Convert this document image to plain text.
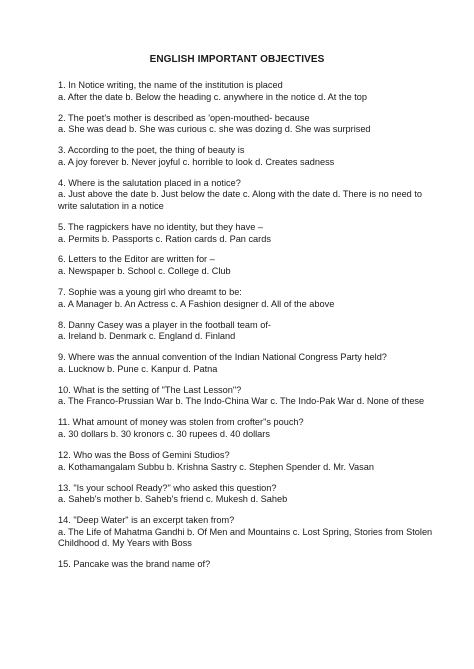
ENGLISH IMPORTANT OBJECTIVES
1. In Notice writing, the name of the institution is placed
a. After the date b. Below the heading c. anywhere in the notice d. At the top
2. The poet's mother is described as 'open-mouthed- because
a. She was dead b. She was curious c. she was dozing d. She was surprised
3. According to the poet, the thing of beauty is
a. A joy forever b. Never joyful c. horrible to look d. Creates sadness
4. Where is the salutation placed in a notice?
a. Just above the date b. Just below the date c. Along with the date d. There is no need to
write salutation in a notice
5. The ragpickers have no identity, but they have –
a. Permits b. Passports c. Ration cards d. Pan cards
6. Letters to the Editor are written for –
a. Newspaper b. School c. College d. Club
7. Sophie was a young girl who dreamt to be:
a. A Manager b. An Actress c. A Fashion designer d. All of the above
8. Danny Casey was a player in the football team of-
a. Ireland b. Denmark c. England d. Finland
9. Where was the annual convention of the Indian National Congress Party held?
a. Lucknow b. Pune c. Kanpur d. Patna
10. What is the setting of "The Last Lesson"?
a. The Franco-Prussian War b. The Indo-China War c. The Indo-Pak War d. None of these
11. What amount of money was stolen from crofter"s pouch?
a. 30 dollars b. 30 kronors c. 30 rupees d. 40 dollars
12. Who was the Boss of Gemini Studios?
a. Kothamangalam Subbu b. Krishna Sastry c. Stephen Spender d. Mr. Vasan
13. "Is your school Ready?" who asked this question?
a. Saheb's mother b. Saheb's friend c. Mukesh d. Saheb
14. "Deep Water" is an excerpt taken from?
a. The Life of Mahatma Gandhi b. Of Men and Mountains c. Lost Spring, Stories from Stolen
Childhood d. My Years with Boss
15. Pancake was the brand name of?
